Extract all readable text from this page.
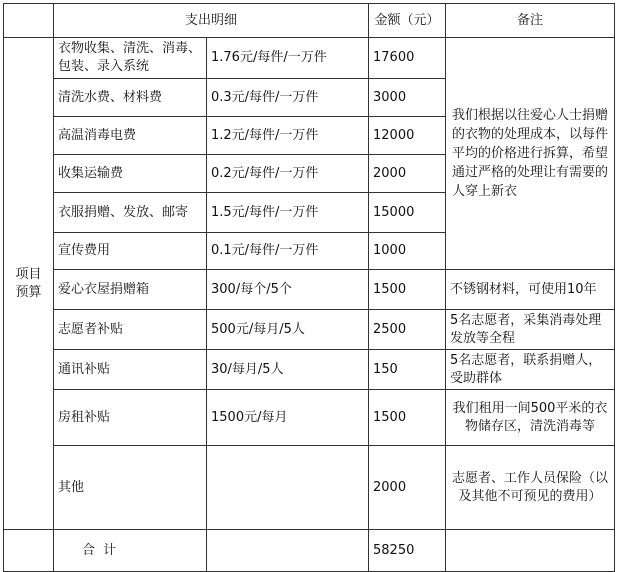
	支出明细		金额（元）	备注
项目预算	衣物收集、清洗、消毒、包装、录入系统	1.76元/每件/一万件	17600	我们根据以往爱心人士捐赠的衣物的处理成本，以每件平均的价格进行拆算，希望通过严格的处理让有需要的人穿上新衣
	清洗水费、材料费	0.3元/每件/一万件	3000	
	高温消毒电费	1.2元/每件/一万件	12000	
	收集运输费	0.2元/每件/一万件	2000	
	衣服捐赠、发放、邮寄	1.5元/每件/一万件	15000	
	宣传费用	0.1元/每件/一万件	1000	
	爱心衣屋捐赠箱	300/每个/5个	1500	不锈钢材料，可使用10年
	志愿者补贴	500元/每月/5人	2500	5名志愿者，采集消毒处理发放等全程
	通讯补贴	30/每月/5人	150	5名志愿者，联系捐赠人，受助群体
	房租补贴	1500元/每月	1500	我们租用一间500平米的衣物储存区，清洗消毒等
	其他		2000	志愿者、工作人员保险（以及其他不可预见的费用）
	合 计		58250	
